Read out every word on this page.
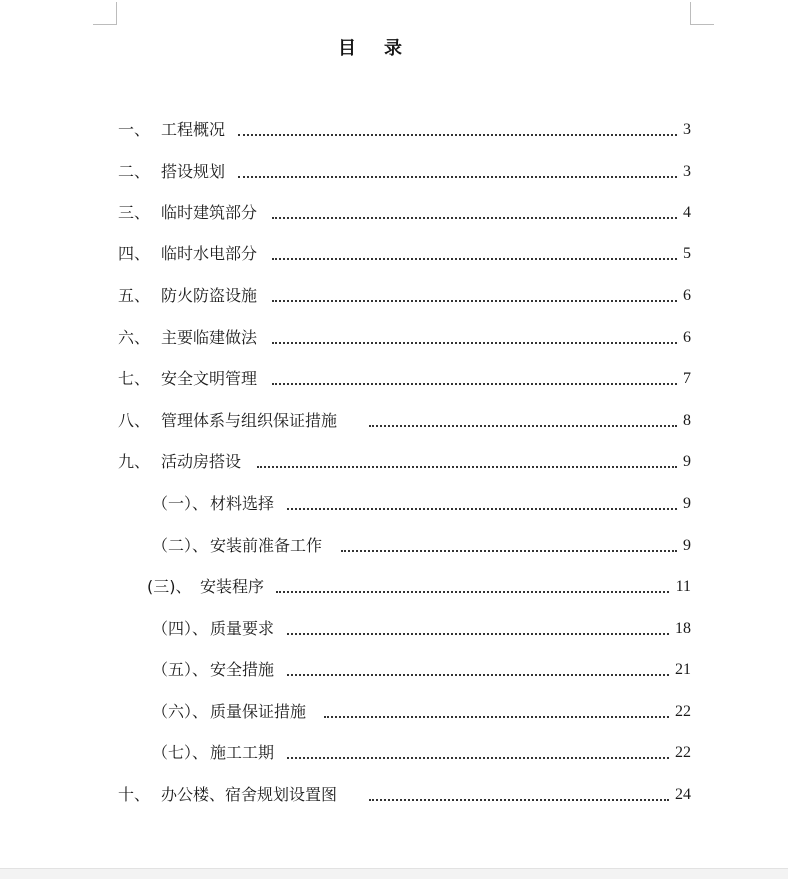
目 录
一、 工程概况	3
二、 搭设规划	3
三、 临时建筑部分	4
四、 临时水电部分	5
五、 防火防盗设施	6
六、 主要临建做法	6
七、 安全文明管理	7
八、 管理体系与组织保证措施	8
九、 活动房搭设	9
（一）、 材料选择	9
（二）、 安装前准备工作	9
(三)、 安装程序	11
（四）、 质量要求	18
（五）、 安全措施	21
（六）、 质量保证措施	22
（七）、 施工工期	22
十、 办公楼、宿舍规划设置图	24
